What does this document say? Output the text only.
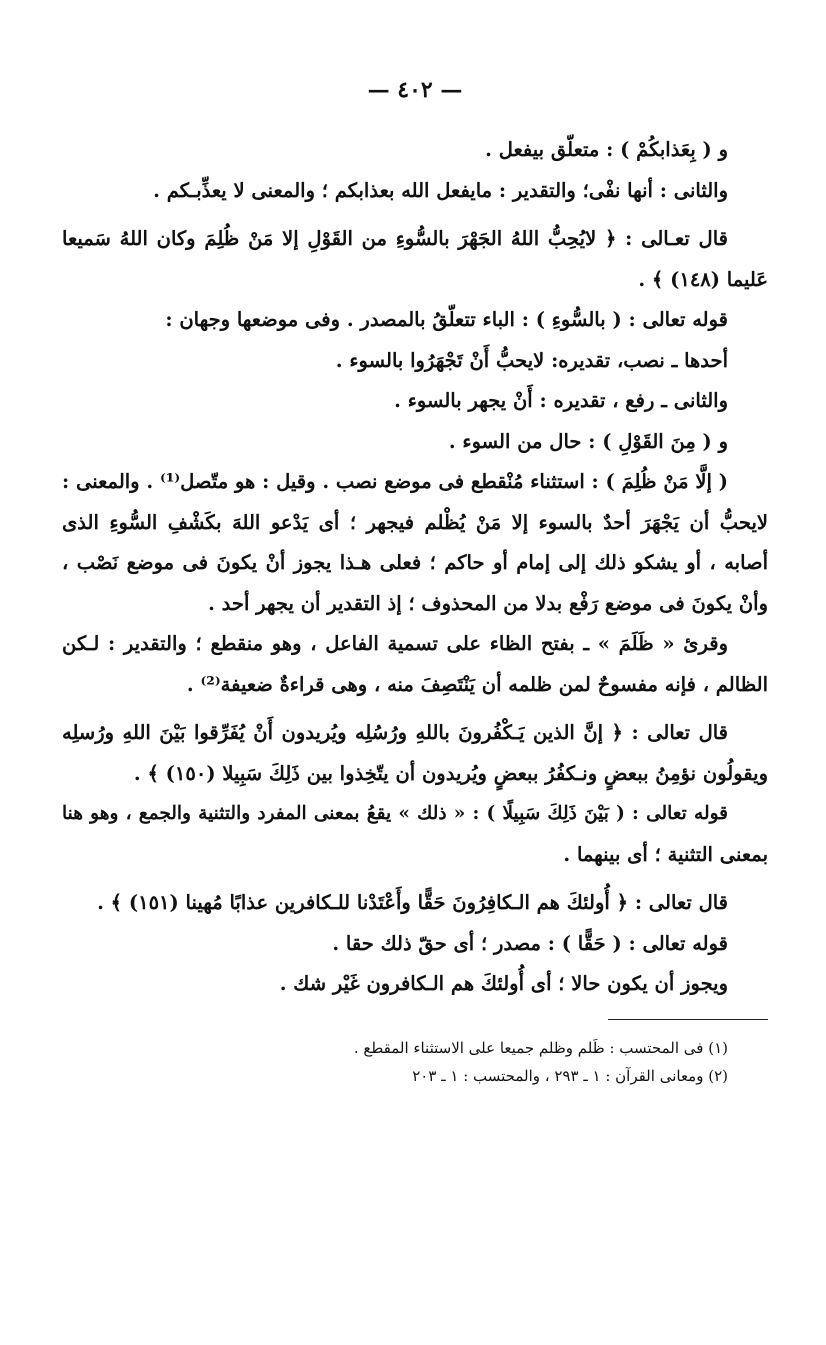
— ٤٠٢ —
و ( بِعَذابكُمْ ) : متعلّق بيفعل .
والثانى : أنها نفْى؛ والتقدير : مايفعل الله بعذابكم ؛ والمعنى لا يعذِّبـكم .
قال تعـالى : ﴿ لايُحِبُّ اللهُ الجَهْرَ بالسُّوءِ من القَوْلِ إلا مَنْ ظُلِمَ وكان اللهُ سَميعا
عَليما (١٤٨) ﴾ .
قوله تعالى : ( بالسُّوءِ ) : الباء تتعلّقُ بالمصدر . وفى موضعها وجهان :
أحدها ـ نصب، تقديره: لايحبُّ أَنْ تَجْهَرُوا بالسوء .
والثانى ـ رفع ، تقديره : أَنْ يجهر بالسوء .
و ( مِنَ القَوْلِ ) : حال من السوء .
( إلَّا مَنْ ظُلِمَ ) : استثناء مُنْقطع فى موضع نصب . وقيل : هو متّصل⁽¹⁾ . والمعنى :
لايحبُّ أن يَجْهَرَ أحدٌ بالسوء إلا مَنْ يُظْلم فيجهر ؛ أى يَدْعو اللهَ بكَشْفِ السُّوءِ الذى
أصابه ، أو يشكو ذلك إلى إمام أو حاكم ؛ فعلى هـذا يجوز أنْ يكونَ فى موضع نَصْب ،
وأنْ يكونَ فى موضع رَفْع بدلا من المحذوف ؛ إذ التقدير أن يجهر أحد .
وقرئ « ظَلَمَ » ـ بفتح الظاء على تسمية الفاعل ، وهو منقطع ؛ والتقدير : لـكن
الظالم ، فإنه مفسوحٌ لمن ظلمه أن يَنْتَصِفَ منه ، وهى قراءةٌ ضعيفة⁽²⁾ .
قال تعالى : ﴿ إنَّ الذين يَـكْفُرونَ باللهِ ورُسُلِه ويُريدون أَنْ يُفَرِّقوا بَيْنَ اللهِ ورُسلِه
ويقولُون نؤمِنُ ببعضٍ ونـكفُرُ ببعضٍ ويُريدون أن يتّخِذوا بين ذَلِكَ سَبِيلا (١٥٠) ﴾ .
قوله تعالى : ( بَيْنَ ذَلِكَ سَبِيلًا ) : « ذلك » يقعُ بمعنى المفرد والتثنية والجمع ، وهو هنا
بمعنى التثنية ؛ أى بينهما .
قال تعالى : ﴿ أُولئكَ هم الـكافِرُونَ حَقًّا وأَعْتَدْنا للـكافرين عذابًا مُهينا (١٥١) ﴾ .
قوله تعالى : ( حَقًّا ) : مصدر ؛ أى حقّ ذلك حقا .
ويجوز أن يكون حالا ؛ أى أُولئكَ هم الـكافرون غَيْر شك .
(١) فى المحتسب : ظَلم وظلم جميعا على الاستثناء المقطع .
(٢) ومعانى القرآن : ١ ـ ٢٩٣ ، والمحتسب : ١ ـ ٢٠٣
